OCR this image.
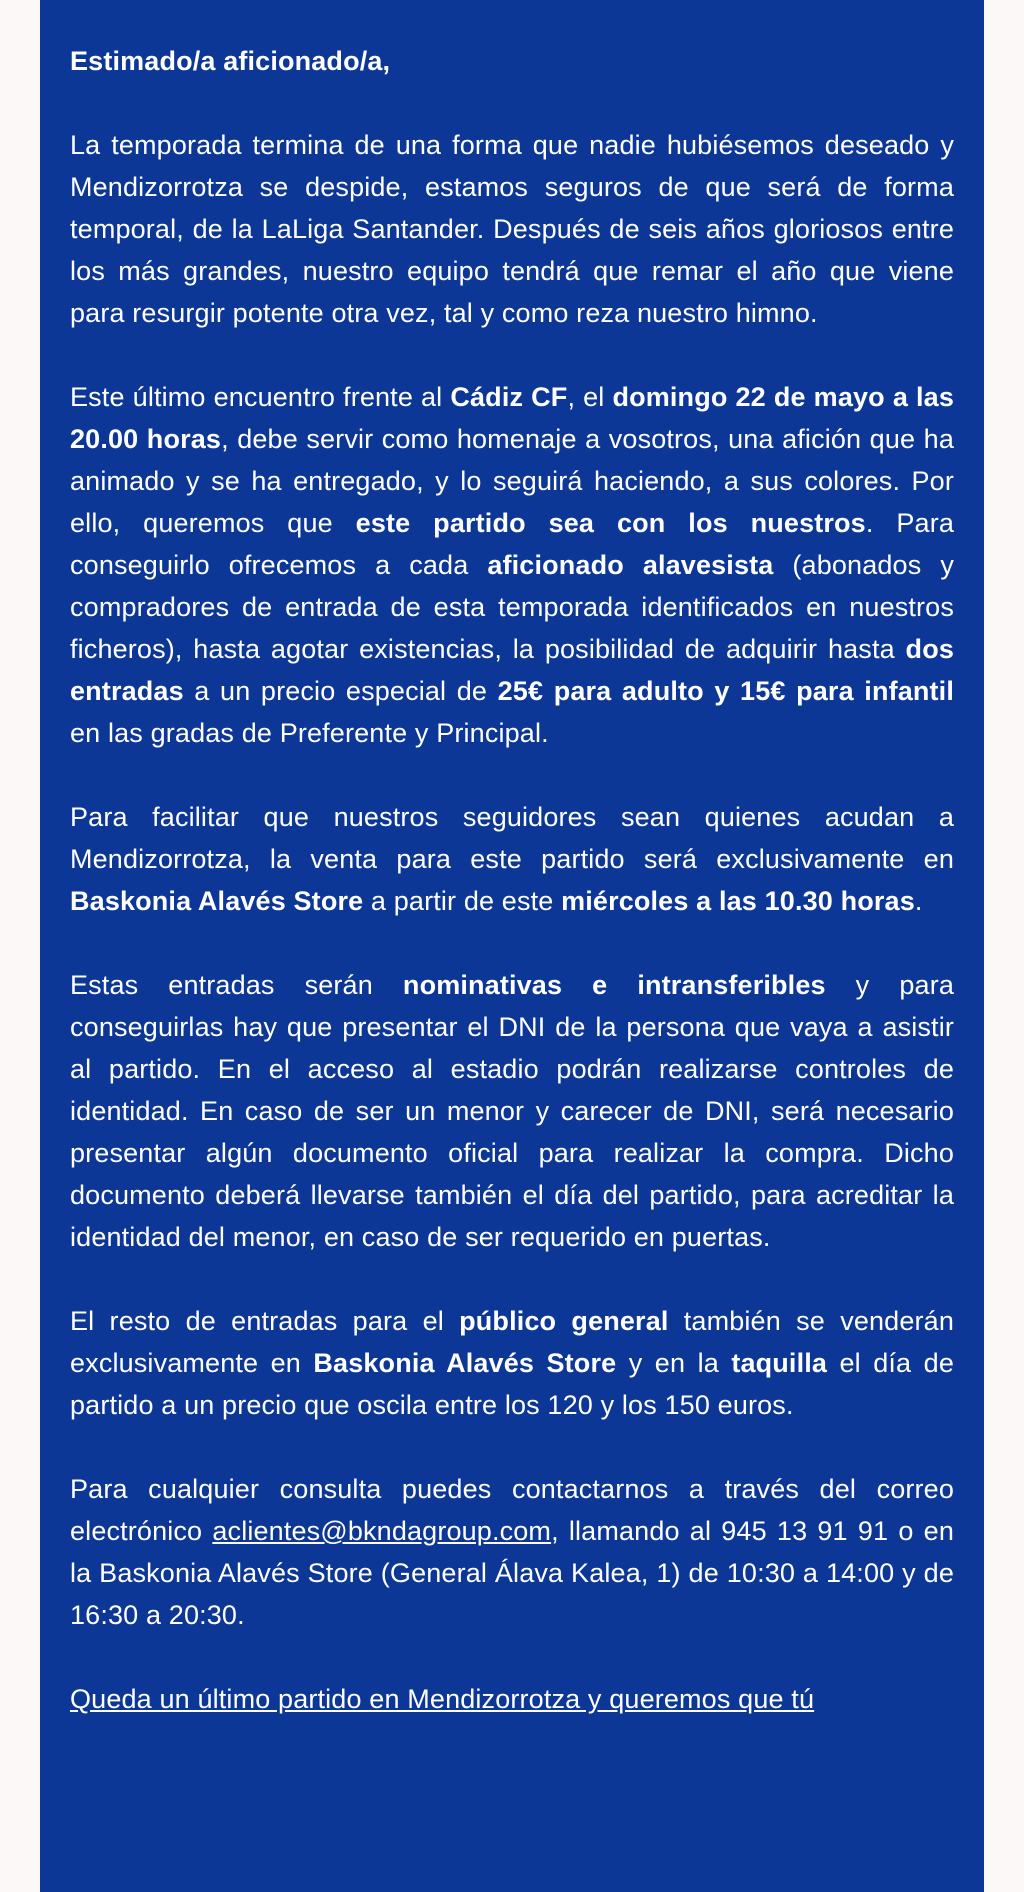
Estimado/a aficionado/a,

La temporada termina de una forma que nadie hubiésemos deseado y Mendizorrotza se despide, estamos seguros de que será de forma temporal, de la LaLiga Santander. Después de seis años gloriosos entre los más grandes, nuestro equipo tendrá que remar el año que viene para resurgir potente otra vez, tal y como reza nuestro himno.

Este último encuentro frente al Cádiz CF, el domingo 22 de mayo a las 20.00 horas, debe servir como homenaje a vosotros, una afición que ha animado y se ha entregado, y lo seguirá haciendo, a sus colores. Por ello, queremos que este partido sea con los nuestros. Para conseguirlo ofrecemos a cada aficionado alavesista (abonados y compradores de entrada de esta temporada identificados en nuestros ficheros), hasta agotar existencias, la posibilidad de adquirir hasta dos entradas a un precio especial de 25€ para adulto y 15€ para infantil en las gradas de Preferente y Principal.

Para facilitar que nuestros seguidores sean quienes acudan a Mendizorrotza, la venta para este partido será exclusivamente en Baskonia Alavés Store a partir de este miércoles a las 10.30 horas.

Estas entradas serán nominativas e intransferibles y para conseguirlas hay que presentar el DNI de la persona que vaya a asistir al partido. En el acceso al estadio podrán realizarse controles de identidad. En caso de ser un menor y carecer de DNI, será necesario presentar algún documento oficial para realizar la compra. Dicho documento deberá llevarse también el día del partido, para acreditar la identidad del menor, en caso de ser requerido en puertas.

El resto de entradas para el público general también se venderán exclusivamente en Baskonia Alavés Store y en la taquilla el día de partido a un precio que oscila entre los 120 y los 150 euros.

Para cualquier consulta puedes contactarnos a través del correo electrónico aclientes@bkndagroup.com, llamando al 945 13 91 91 o en la Baskonia Alavés Store (General Álava Kalea, 1) de 10:30 a 14:00 y de 16:30 a 20:30.

Queda un último partido en Mendizorrotza y queremos que tú
